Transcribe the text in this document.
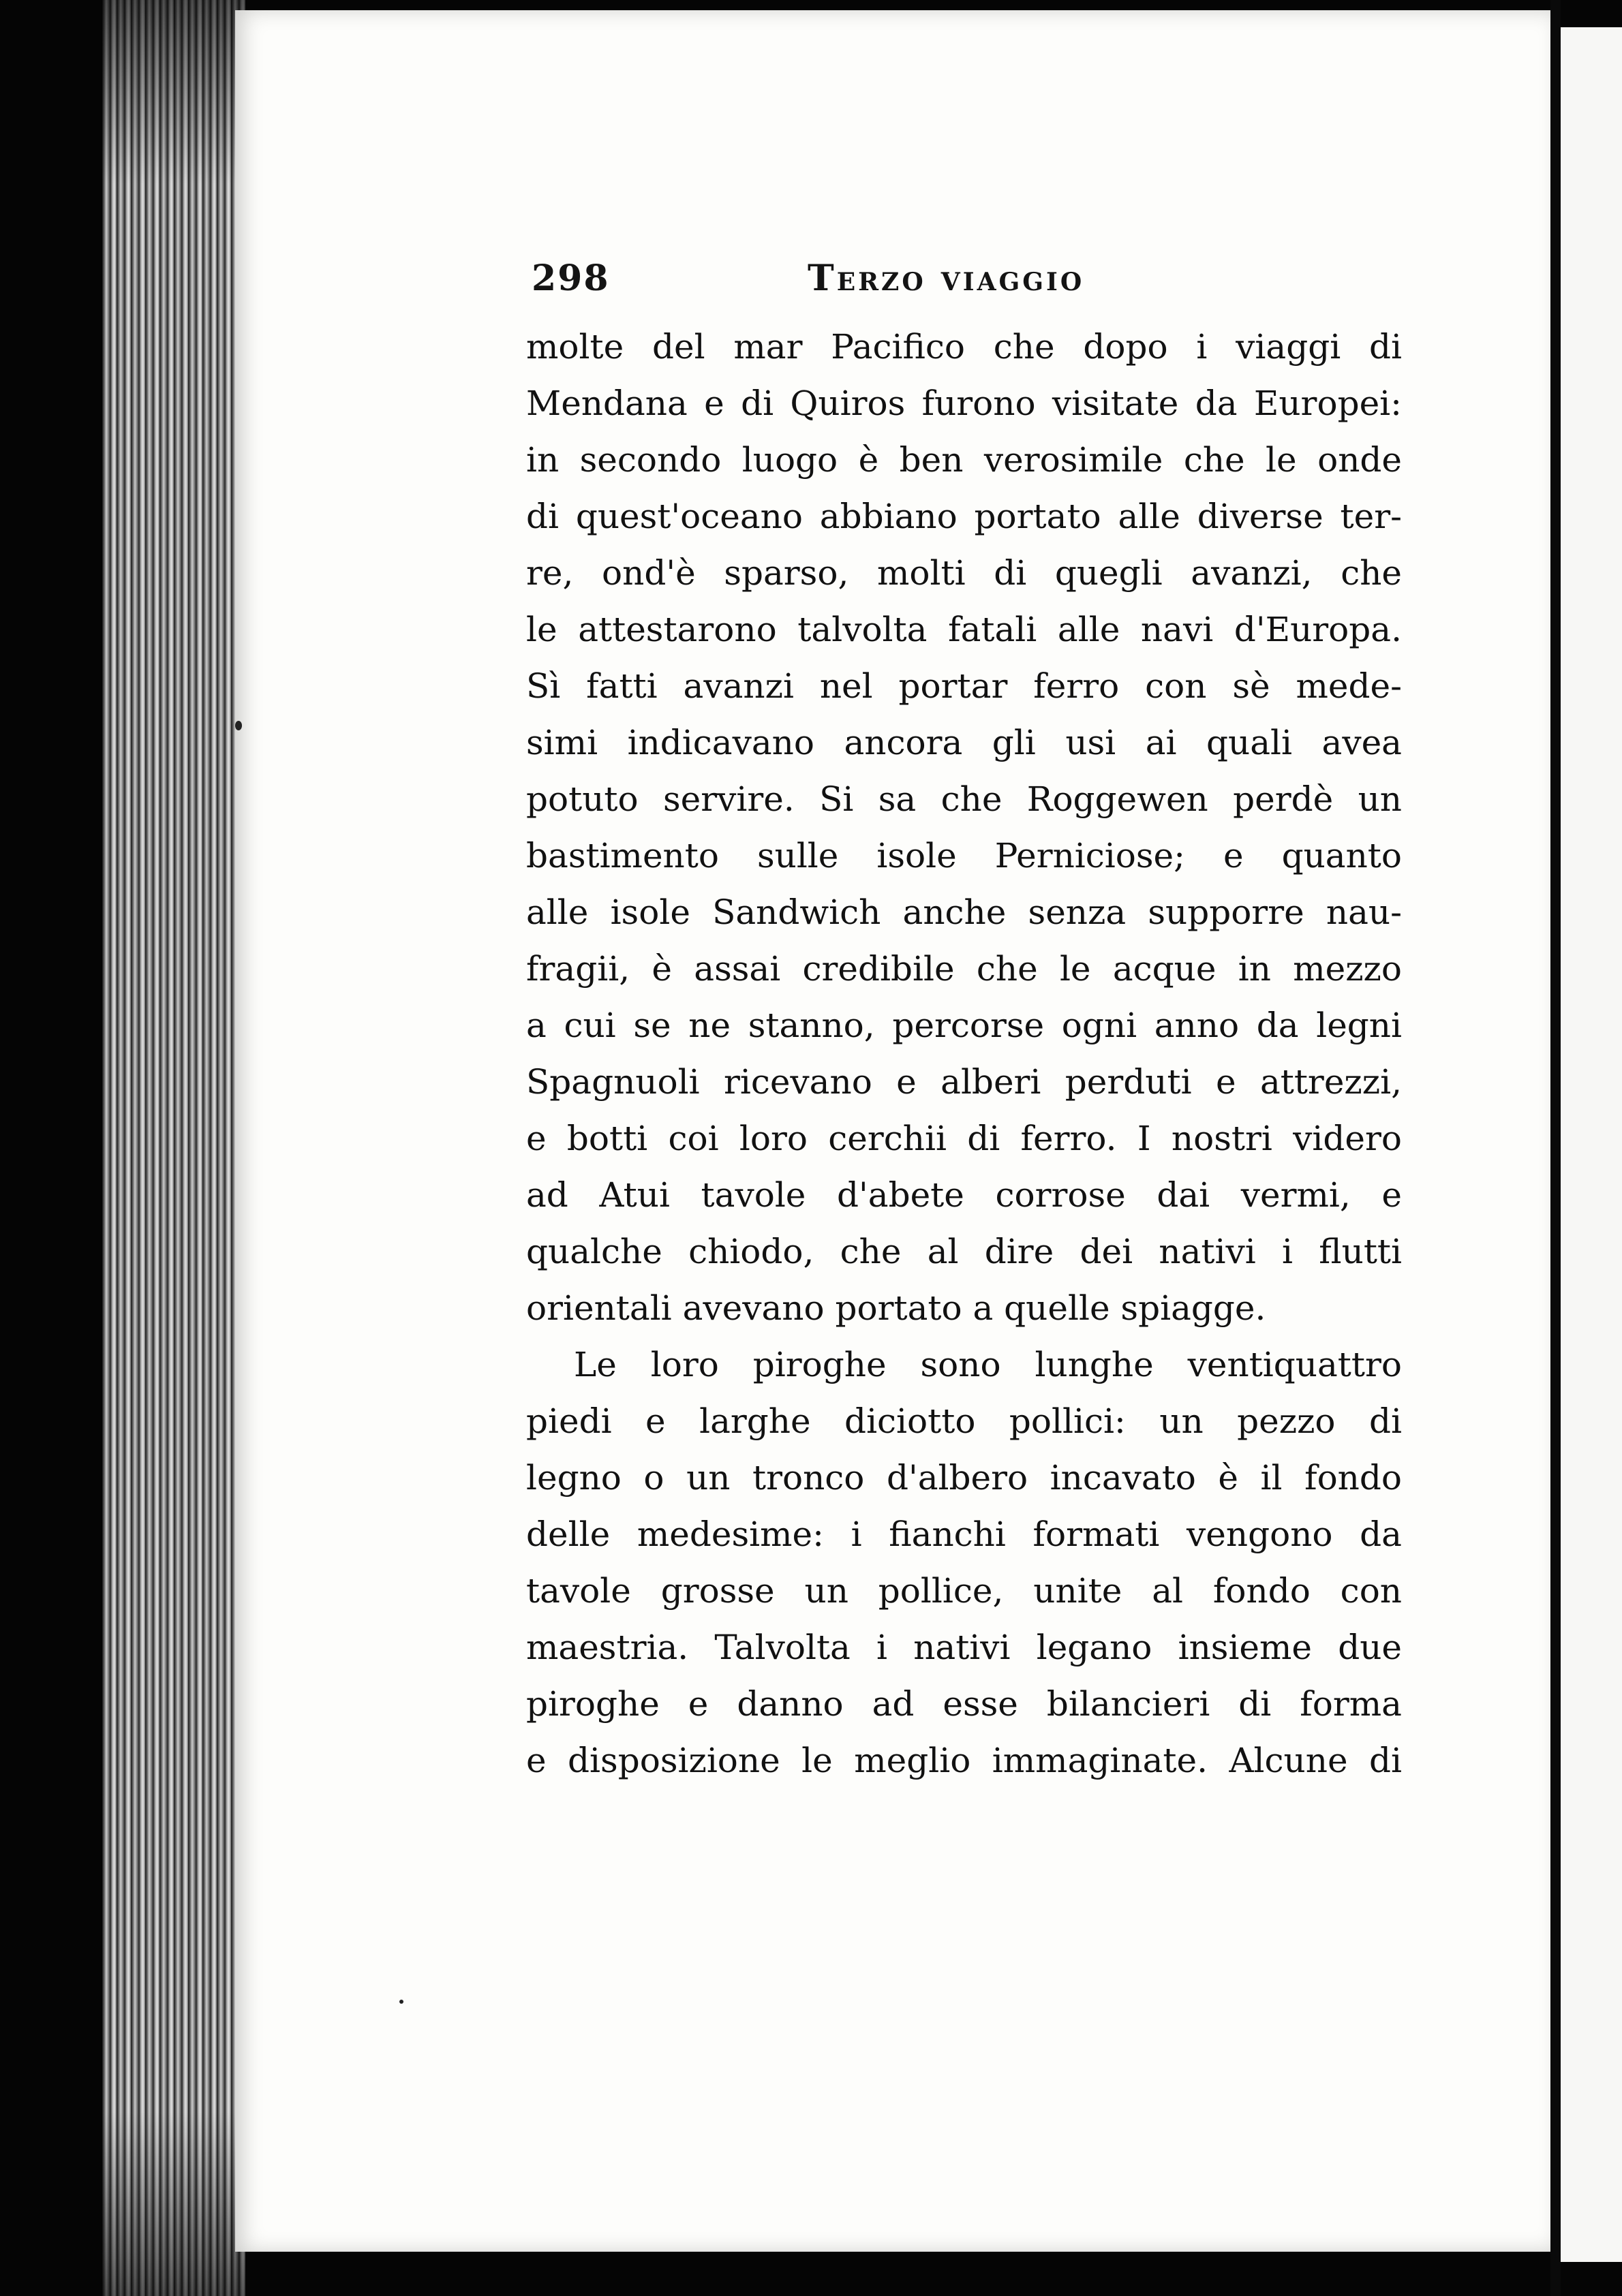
298	Terzo viaggio
molte del mar Pacifico che dopo i viaggi di
Mendana e di Quiros furono visitate da Europei:
in secondo luogo è ben verosimile che le onde
di quest'oceano abbiano portato alle diverse ter-
re, ond'è sparso, molti di quegli avanzi, che
le attestarono talvolta fatali alle navi d'Europa.
Sì fatti avanzi nel portar ferro con sè mede-
simi indicavano ancora gli usi ai quali avea
potuto servire. Si sa che Roggewen perdè un
bastimento sulle isole Perniciose; e quanto
alle isole Sandwich anche senza supporre nau-
fragii, è assai credibile che le acque in mezzo
a cui se ne stanno, percorse ogni anno da legni
Spagnuoli ricevano e alberi perduti e attrezzi,
e botti coi loro cerchii di ferro. I nostri videro
ad Atui tavole d'abete corrose dai vermi, e
qualche chiodo, che al dire dei nativi i flutti
orientali avevano portato a quelle spiagge.
Le loro piroghe sono lunghe ventiquattro
piedi e larghe diciotto pollici: un pezzo di
legno o un tronco d'albero incavato è il fondo
delle medesime: i fianchi formati vengono da
tavole grosse un pollice, unite al fondo con
maestria. Talvolta i nativi legano insieme due
piroghe e danno ad esse bilancieri di forma
e disposizione le meglio immaginate. Alcune di
